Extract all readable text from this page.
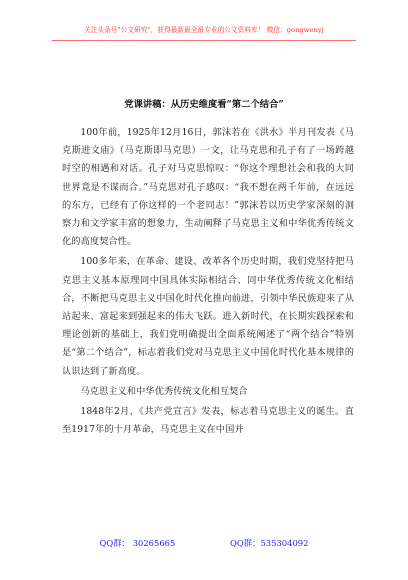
关注头条号"公文研究"，获得最新最全最专业的公文资料库！ 微信：gongwenyj
党课讲稿：从历史维度看“第二个结合”

100年前，1925年12月16日，郭沫若在《洪水》半月刊发表《马克斯进文庙》（马克斯即马克思）一文，让马克思和孔子有了一场跨越时空的相遇和对话。孔子对马克思惊叹：“你这个理想社会和我的大同世界竟是不谋而合。”马克思对孔子感叹：“我不想在两千年前，在远远的东方，已经有了你这样的一个老同志！”郭沫若以历史学家深刻的洞察力和文学家丰富的想象力，生动阐释了马克思主义和中华优秀传统文化的高度契合性。

100多年来，在革命、建设、改革各个历史时期，我们党坚持把马克思主义基本原理同中国具体实际相结合、同中华优秀传统文化相结合，不断把马克思主义中国化时代化推向前进，引领中华民族迎来了从站起来、富起来到强起来的伟大飞跃。进入新时代，在长期实践探索和理论创新的基础上，我们党明确提出全面系统阐述了“两个结合”特别是“第二个结合”，标志着我们党对马克思主义中国化时代化基本规律的认识达到了新高度。

马克思主义和中华优秀传统文化相互契合

1848年2月，《共产党宣言》发表，标志着马克思主义的诞生。直至1917年的十月革命，马克思主义在中国并

QQ群： 30265665	QQ群：535304092
